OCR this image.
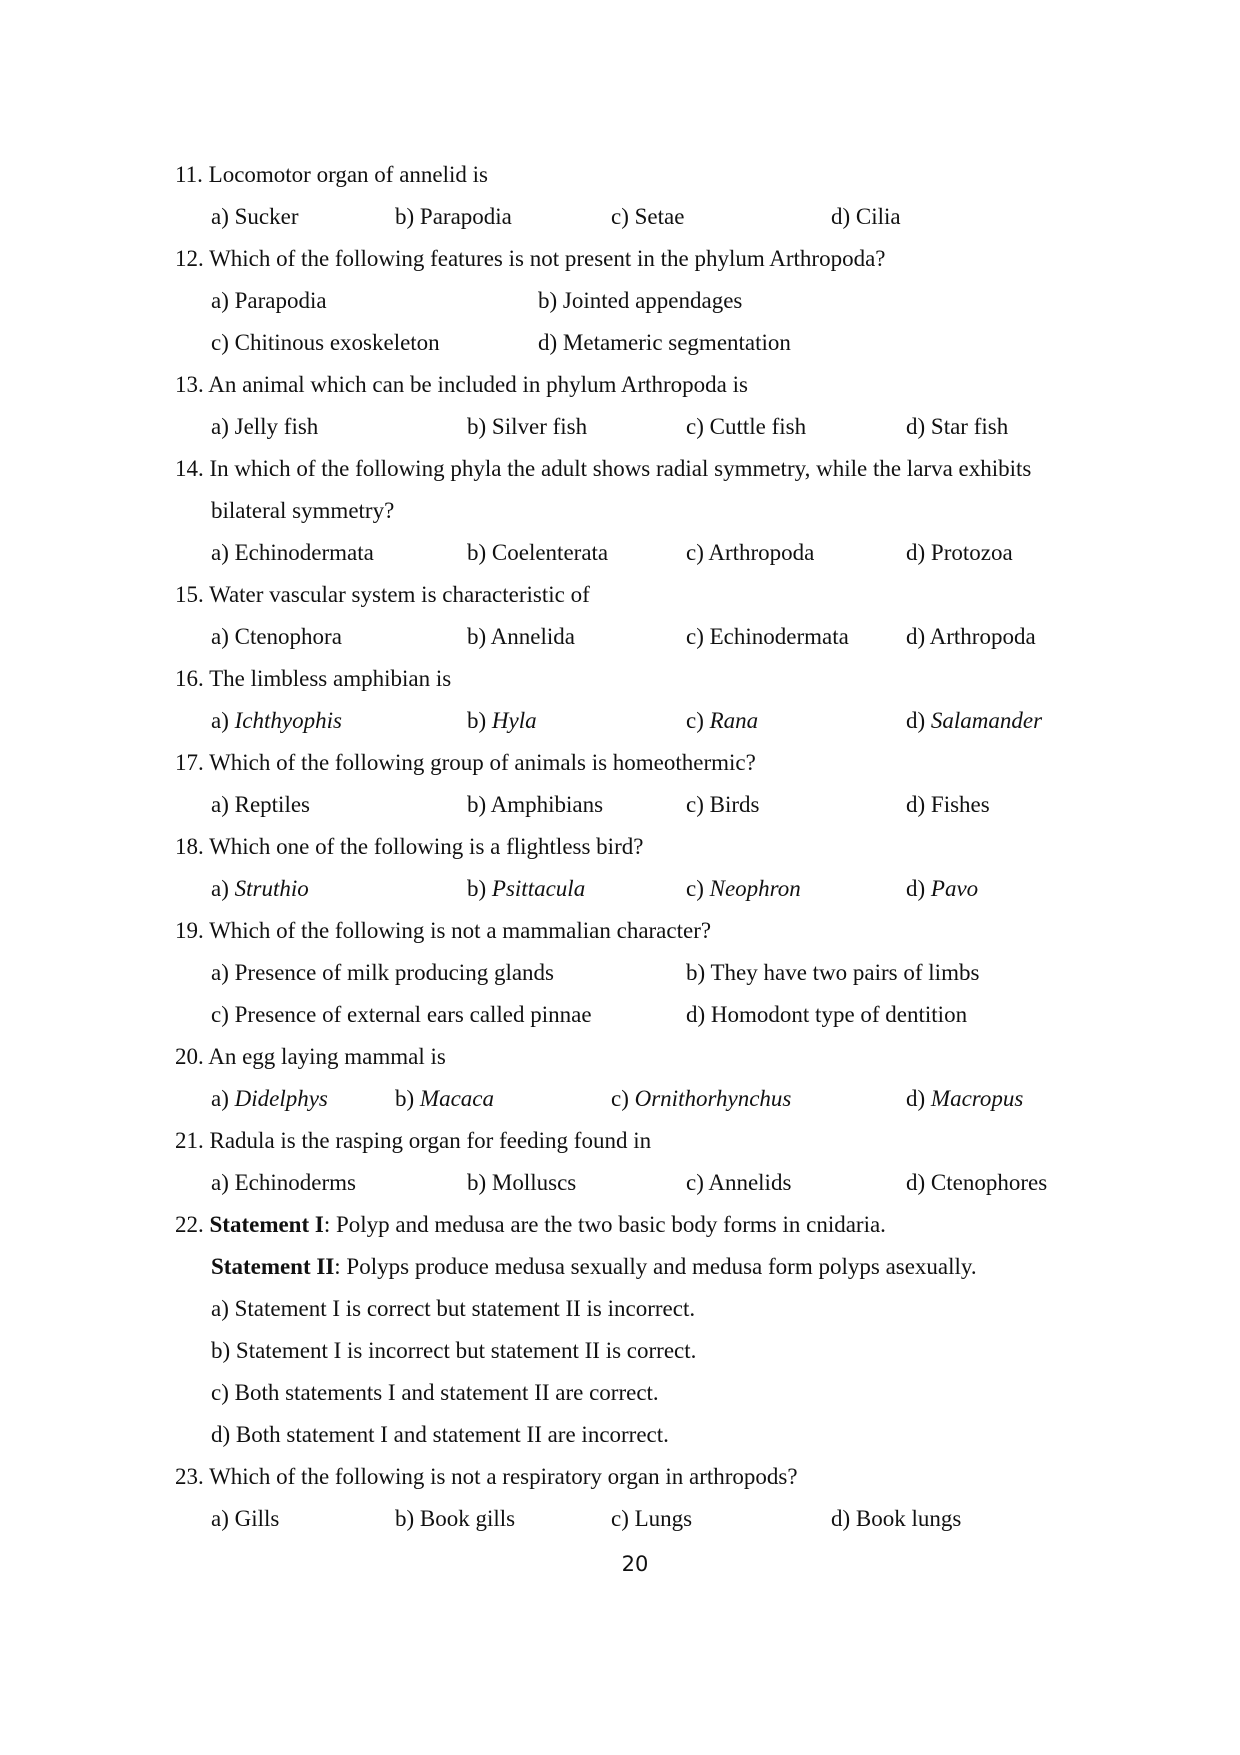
11. Locomotor organ of annelid is
a) Sucker	b) Parapodia	c) Setae	d) Cilia
12. Which of the following features is not present in the phylum Arthropoda?
a) Parapodia	b) Jointed appendages
c) Chitinous exoskeleton	d) Metameric segmentation
13. An animal which can be included in phylum Arthropoda is
a) Jelly fish	b) Silver fish	c) Cuttle fish	d) Star fish
14. In which of the following phyla the adult shows radial symmetry, while the larva exhibits
bilateral symmetry?
a) Echinodermata	b) Coelenterata	c) Arthropoda	d) Protozoa
15. Water vascular system is characteristic of
a) Ctenophora	b) Annelida	c) Echinodermata d) Arthropoda
16. The limbless amphibian is
a) Ichthyophis	b) Hyla	c) Rana	d) Salamander
17. Which of the following group of animals is homeothermic?
a) Reptiles	b) Amphibians	c) Birds	d) Fishes
18. Which one of the following is a flightless bird?
a) Struthio	b) Psittacula	c) Neophron	d) Pavo
19. Which of the following is not a mammalian character?
a) Presence of milk producing glands	b) They have two pairs of limbs
c) Presence of external ears called pinnae	d) Homodont type of dentition
20. An egg laying mammal is
a) Didelphys	b) Macaca	c) Ornithorhynchus	d) Macropus
21. Radula is the rasping organ for feeding found in
a) Echinoderms	b) Molluscs	c) Annelids	d) Ctenophores
22. Statement I: Polyp and medusa are the two basic body forms in cnidaria.
Statement II: Polyps produce medusa sexually and medusa form polyps asexually.
a) Statement I is correct but statement II is incorrect.
b) Statement I is incorrect but statement II is correct.
c) Both statements I and statement II are correct.
d) Both statement I and statement II are incorrect.
23. Which of the following is not a respiratory organ in arthropods?
a) Gills	b) Book gills	c) Lungs	d) Book lungs
20
